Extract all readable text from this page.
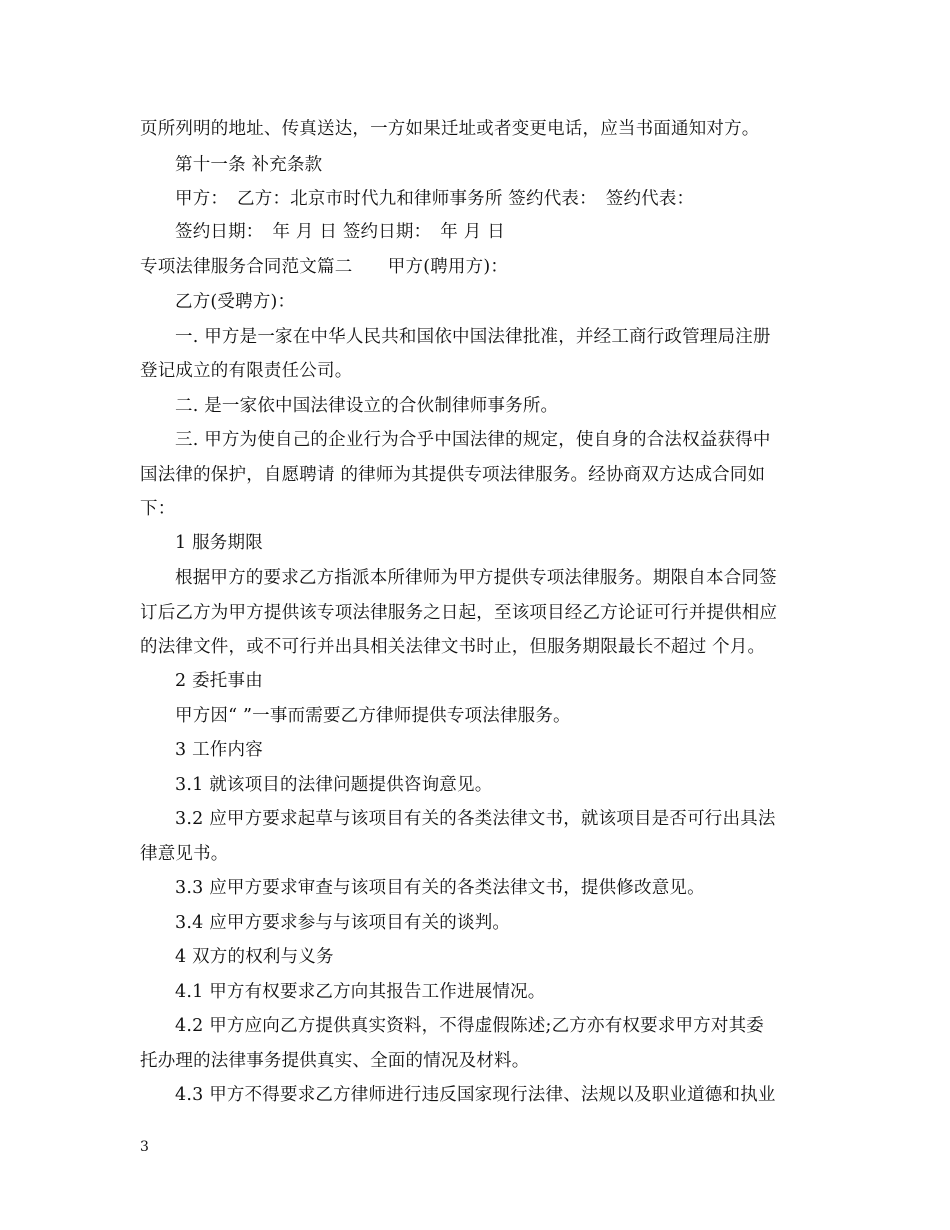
页所列明的地址、传真送达，一方如果迁址或者变更电话，应当书面通知对方。
第十一条 补充条款
甲方：　乙方：北京市时代九和律师事务所 签约代表：　签约代表：
签约日期：　年 月 日 签约日期：　年 月 日
专项法律服务合同范文篇二　　甲方(聘用方)：
乙方(受聘方)：
一. 甲方是一家在中华人民共和国依中国法律批准，并经工商行政管理局注册
登记成立的有限责任公司。
二. 是一家依中国法律设立的合伙制律师事务所。
三. 甲方为使自己的企业行为合乎中国法律的规定，使自身的合法权益获得中
国法律的保护，自愿聘请 的律师为其提供专项法律服务。经协商双方达成合同如
下：
1 服务期限
根据甲方的要求乙方指派本所律师为甲方提供专项法律服务。期限自本合同签
订后乙方为甲方提供该专项法律服务之日起，至该项目经乙方论证可行并提供相应
的法律文件，或不可行并出具相关法律文书时止，但服务期限最长不超过 个月。
2 委托事由
甲方因“ ”一事而需要乙方律师提供专项法律服务。
3 工作内容
3.1 就该项目的法律问题提供咨询意见。
3.2 应甲方要求起草与该项目有关的各类法律文书，就该项目是否可行出具法
律意见书。
3.3 应甲方要求审查与该项目有关的各类法律文书，提供修改意见。
3.4 应甲方要求参与与该项目有关的谈判。
4 双方的权利与义务
4.1 甲方有权要求乙方向其报告工作进展情况。
4.2 甲方应向乙方提供真实资料，不得虚假陈述;乙方亦有权要求甲方对其委
托办理的法律事务提供真实、全面的情况及材料。
4.3 甲方不得要求乙方律师进行违反国家现行法律、法规以及职业道德和执业
3
